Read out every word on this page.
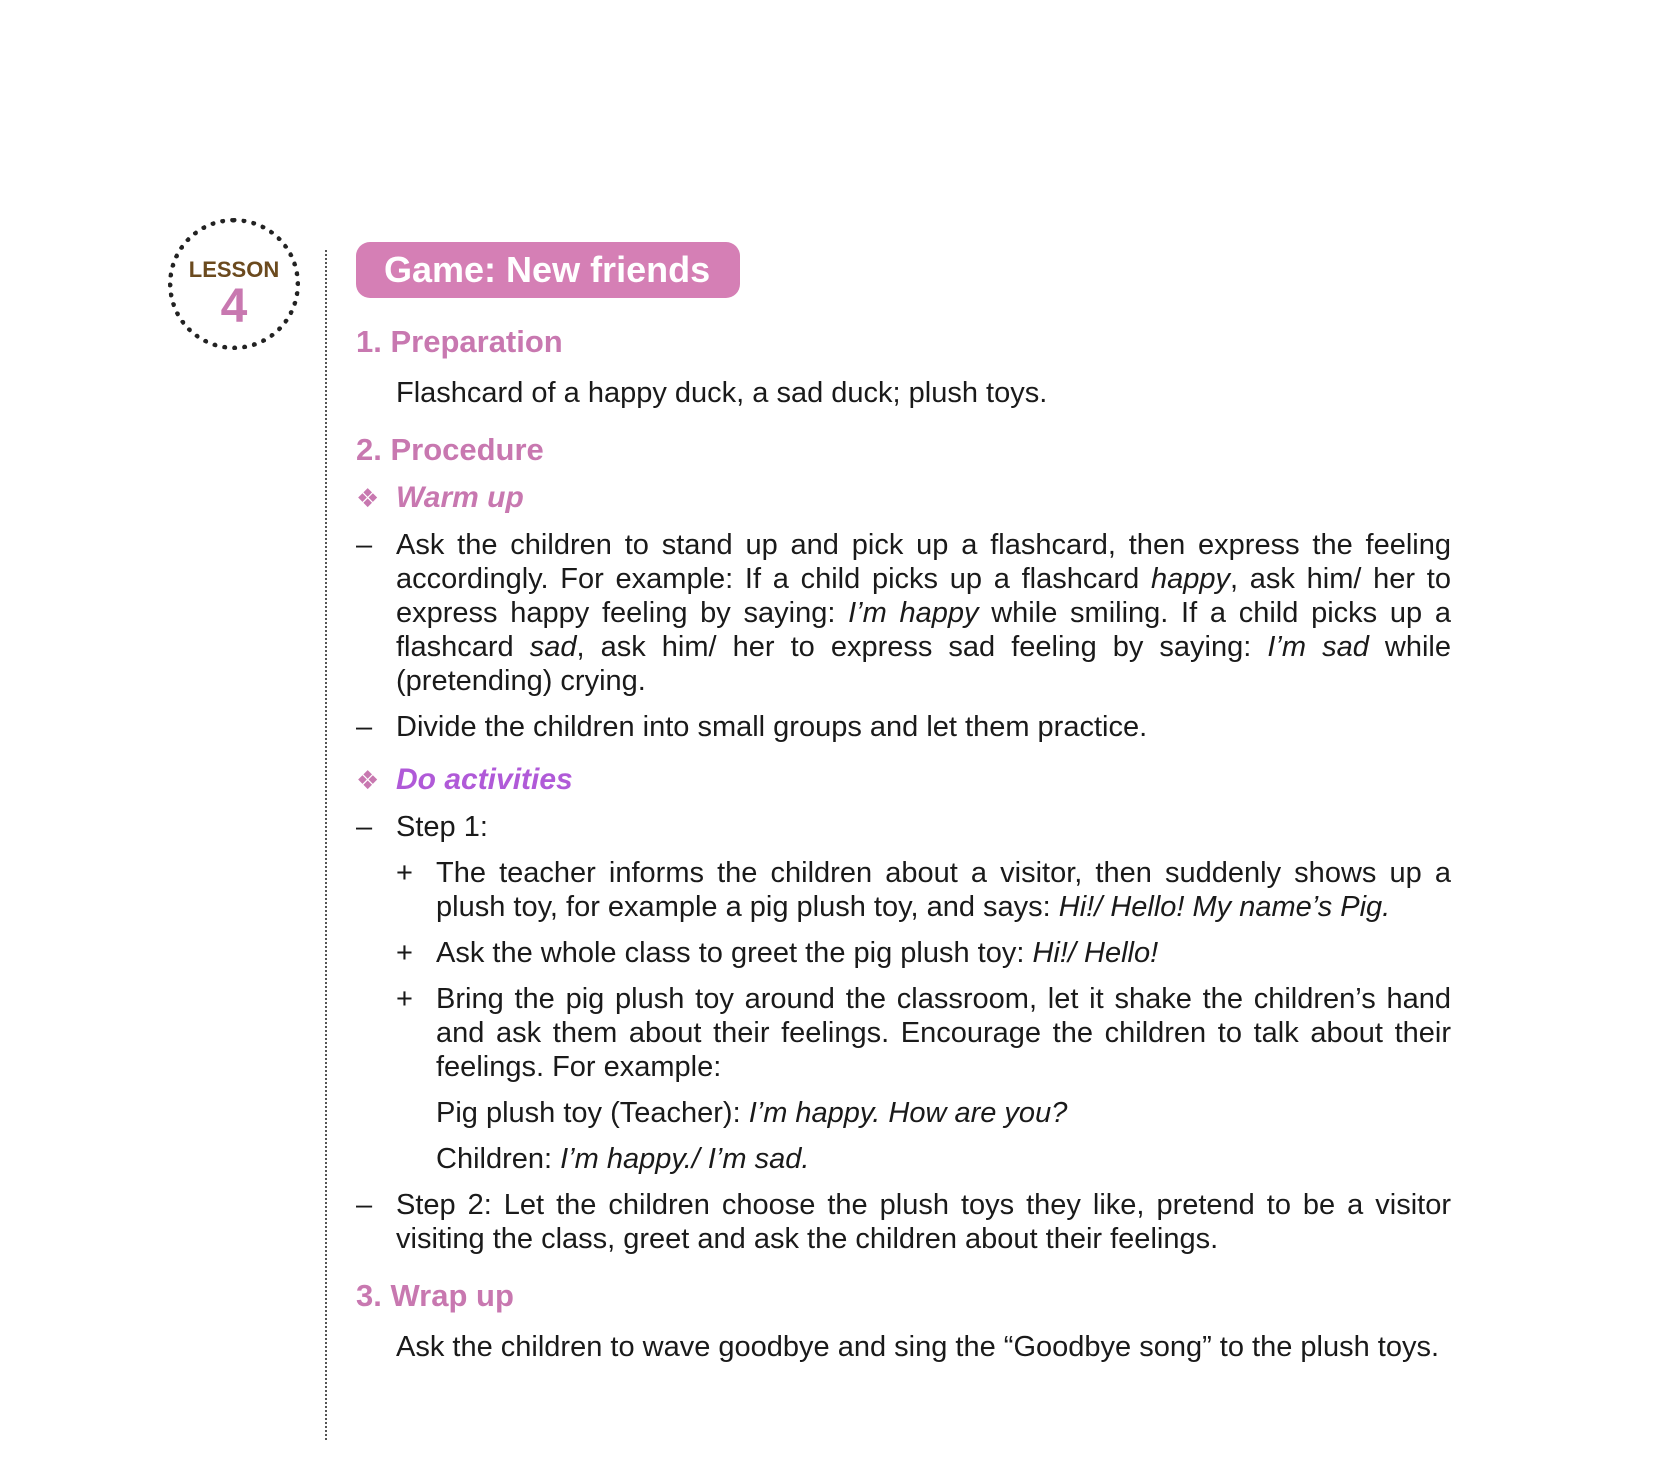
LESSON
4
Game: New friends
1. Preparation
Flashcard of a happy duck, a sad duck; plush toys.
2. Procedure
❖ Warm up
– Ask the children to stand up and pick up a flashcard, then express the feeling accordingly. For example: If a child picks up a flashcard happy, ask him/ her to express happy feeling by saying: I’m happy while smiling. If a child picks up a flashcard sad, ask him/ her to express sad feeling by saying: I’m sad while (pretending) crying.
– Divide the children into small groups and let them practice.
❖ Do activities
– Step 1:
+ The teacher informs the children about a visitor, then suddenly shows up a plush toy, for example a pig plush toy, and says: Hi!/ Hello! My name’s Pig.
+ Ask the whole class to greet the pig plush toy: Hi!/ Hello!
+ Bring the pig plush toy around the classroom, let it shake the children’s hand and ask them about their feelings. Encourage the children to talk about their feelings. For example:
Pig plush toy (Teacher): I’m happy. How are you?
Children: I’m happy./ I’m sad.
– Step 2: Let the children choose the plush toys they like, pretend to be a visitor visiting the class, greet and ask the children about their feelings.
3. Wrap up
Ask the children to wave goodbye and sing the “Goodbye song” to the plush toys.
